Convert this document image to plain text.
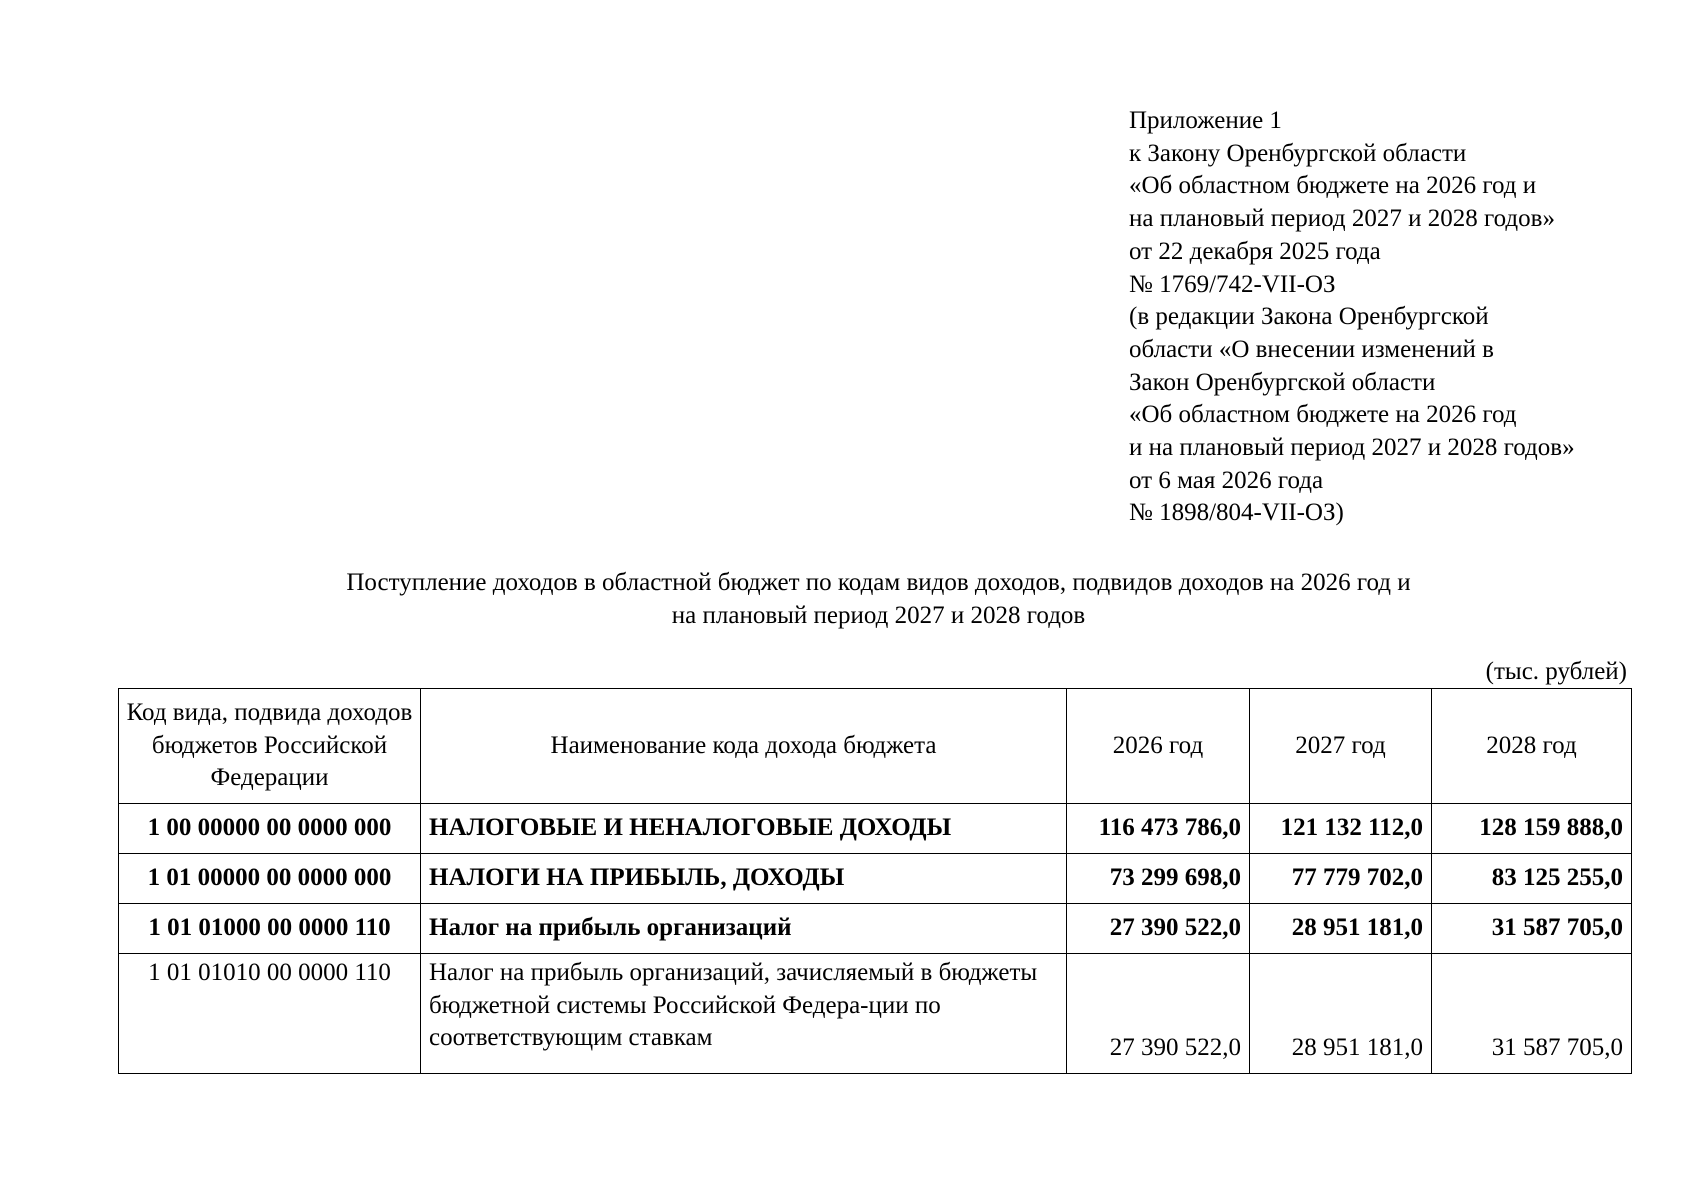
Приложение 1
к Закону Оренбургской области
«Об областном бюджете на 2026 год и
на плановый период 2027 и 2028 годов»
от 22 декабря 2025 года
№ 1769/742-VII-ОЗ
(в редакции Закона Оренбургской
области «О внесении изменений в
Закон Оренбургской области
«Об областном бюджете на 2026 год
и на плановый период 2027 и 2028 годов»
от 6 мая 2026 года
№ 1898/804-VII-ОЗ)
Поступление доходов в областной бюджет по кодам видов доходов, подвидов доходов на 2026 год и
на плановый период 2027 и 2028 годов
(тыс. рублей)
Код вида, подвида доходов бюджетов Российской Федерации	Наименование кода дохода бюджета	2026 год	2027 год	2028 год
1 00 00000 00 0000 000	НАЛОГОВЫЕ И НЕНАЛОГОВЫЕ ДОХОДЫ	116 473 786,0	121 132 112,0	128 159 888,0
1 01 00000 00 0000 000	НАЛОГИ НА ПРИБЫЛЬ, ДОХОДЫ	73 299 698,0	77 779 702,0	83 125 255,0
1 01 01000 00 0000 110	Налог на прибыль организаций	27 390 522,0	28 951 181,0	31 587 705,0
1 01 01010 00 0000 110	Налог на прибыль организаций, зачисляемый в бюджеты бюджетной системы Российской Федера-ции по соответствующим ставкам	27 390 522,0	28 951 181,0	31 587 705,0
